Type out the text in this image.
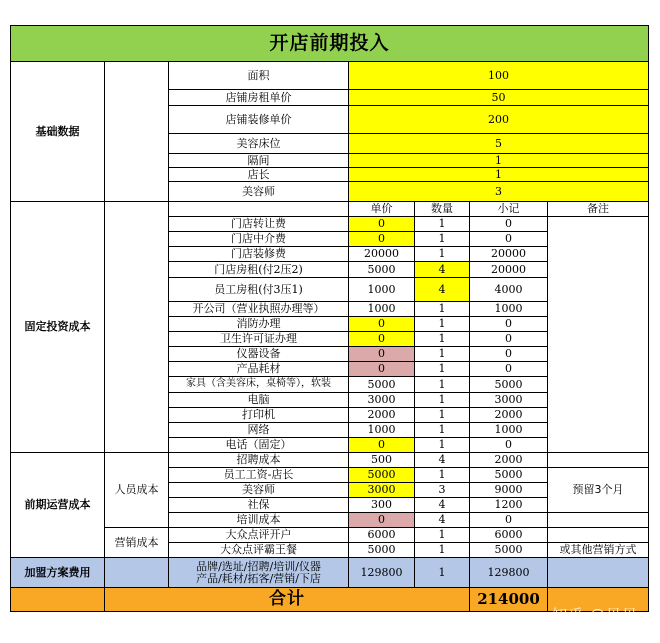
开店前期投入						
基础数据		面积	100			
		店铺房租单价	50			
		店铺装修单价	200			
		美容床位	5			
		隔间	1			
		店长	1			
		美容师	3			
固定投资成本			单价	数量	小记	备注
		门店转让费	0	1	0	
		门店中介费	0	1	0	
		门店装修费	20000	1	20000	
		门店房租(付2压2)	5000	4	20000	
		员工房租(付3压1)	1000	4	4000	
		开公司（营业执照办理等）	1000	1	1000	
		消防办理	0	1	0	
		卫生许可证办理	0	1	0	
		仪器设备	0	1	0	
		产品耗材	0	1	0	
		家具（含美容床，桌椅等），软装	5000	1	5000	
		电脑	3000	1	3000	
		打印机	2000	1	2000	
		网络	1000	1	1000	
		电话（固定）	0	1	0	
前期运营成本	人员成本	招聘成本	500	4	2000	
		员工工资-店长	5000	1	5000	预留3个月
		美容师	3000	3	9000	
		社保	300	4	1200	
		培训成本	0	4	0	
	营销成本	大众点评开户	6000	1	6000	
		大众点评霸王餐	5000	1	5000	或其他营销方式
加盟方案费用		品牌/选址/招聘/培训/仪器
产品/耗材/拓客/营销/下店	129800	1	129800	
	合计				214000	
知乎 @贝贝
